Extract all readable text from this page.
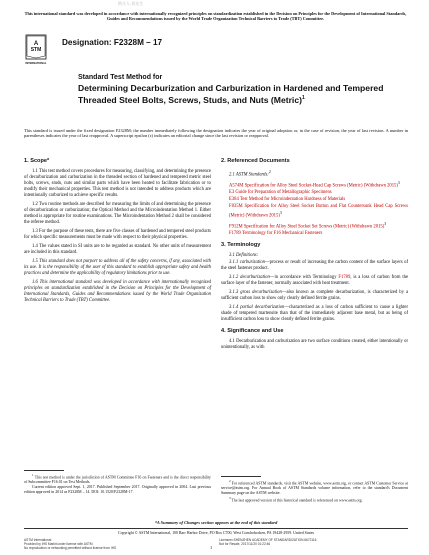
购买人:刘先生
This international standard was developed in accordance with internationally recognized principles on standardization established in the Decision on Principles for the Development of International Standards, Guides and Recommendations issued by the World Trade Organization Technical Barriers to Trade (TBT) Committee.
A
STM
INTERNATIONAL
Designation: F2328M – 17
Standard Test Method for
Determining Decarburization and Carburization in Hardened and Tempered Threaded Steel Bolts, Screws, Studs, and Nuts (Metric)$^1$
This standard is issued under the fixed designation F2328M; the number immediately following the designation indicates the year of original adoption or, in the case of revision, the year of last revision. A number in parentheses indicates the year of last reapproval. A superscript epsilon (ε) indicates an editorial change since the last revision or reapproval.
1. Scope*
1.1 This test method covers procedures for measuring, classifying, and determining the presence of decarburization and carburization in the threaded section of hardened and tempered metric steel bolts, screws, studs, nuts and similar parts which have been heated to facilitate fabrication or to modify their mechanical properties. This test method is not intended to address products which are intentionally carburized to achieve specific results.
1.2 Two routine methods are described for measuring the limits of and determining the presence of decarburization or carburization; the Optical Method and the Microindentation Method 1. Either method is appropriate for routine examinations. The Microindentation Method 2 shall be considered the referee method.
1.3 For the purpose of these tests, there are five classes of hardened and tempered steel products for which specific measurements must be made with respect to their physical properties.
1.4 The values stated in SI units are to be regarded as standard. No other units of measurement are included in this standard.
1.5 This standard does not purport to address all of the safety concerns, if any, associated with its use. It is the responsibility of the user of this standard to establish appropriate safety and health practices and determine the applicability of regulatory limitations prior to use.
1.6 This international standard was developed in accordance with internationally recognized principles on standardization established in the Decision on Principles for the Development of International Standards, Guides and Recommendations issued by the World Trade Organization Technical Barriers to Trade (TBT) Committee.
$^1$ This test method is under the jurisdiction of ASTM Committee F16 on Fasteners and is the direct responsibility of Subcommittee F16.01 on Test Methods.
Current edition approved Sept. 1, 2017. Published September 2017. Originally approved in 2004. Last previous edition approved in 2014 as F2328M – 14. DOI: 10.1520/F2328M-17.
2. Referenced Documents
2.1 ASTM Standards:$^2$
A574M Specification for Alloy Steel Socket-Head Cap Screws (Metric) (Withdrawn 2015)$^3$
E3 Guide for Preparation of Metallographic Specimens
E384 Test Method for Microindentation Hardness of Materials
F835M Specification for Alloy Steel Socket Button and Flat Countersunk Head Cap Screws (Metric) (Withdrawn 2015)$^3$
F912M Specification for Alloy Steel Socket Set Screws (Metric) (Withdrawn 2015)$^3$
F1789 Terminology for F16 Mechanical Fasteners
3. Terminology
3.1 Definitions:
3.1.1 carburization—process or result of increasing the carbon content of the surface layers of the steel fastener product.
3.1.2 decarburization—in accordance with Terminology F1789, is a loss of carbon from the surface layer of the fastener, normally associated with heat treatment.
3.1.3 gross decarburization—also known as complete decarburization, is characterized by a sufficient carbon loss to show only clearly defined ferrite grains.
3.1.4 partial decarburization—characterized as a loss of carbon sufficient to cause a lighter shade of tempered martensite than that of the immediately adjacent base metal, but as being of insufficient carbon loss to show clearly defined ferrite grains.
4. Significance and Use
4.1 Decarburization and carburization are two surface conditions created, either intentionally or unintentionally, as with
$^2$ For referenced ASTM standards, visit the ASTM website, www.astm.org, or contact ASTM Customer Service at service@astm.org. For Annual Book of ASTM Standards volume information, refer to the standard's Document Summary page on the ASTM website.
$^3$ The last approved version of this historical standard is referenced on www.astm.org.
*A Summary of Changes section appears at the end of this standard
Copyright © ASTM International, 100 Barr Harbor Drive, PO Box C700, West Conshohocken, PA 19428-2959. United States
1
ASTM International
Provided by IHS Markit under license with ASTM
No reproduction or networking permitted without license from IHS
Licensee=SHENZHEN ACADEMY OF STANDARDIZATION 6672116
Not for Resale, 2017/11/20 01:22:46
